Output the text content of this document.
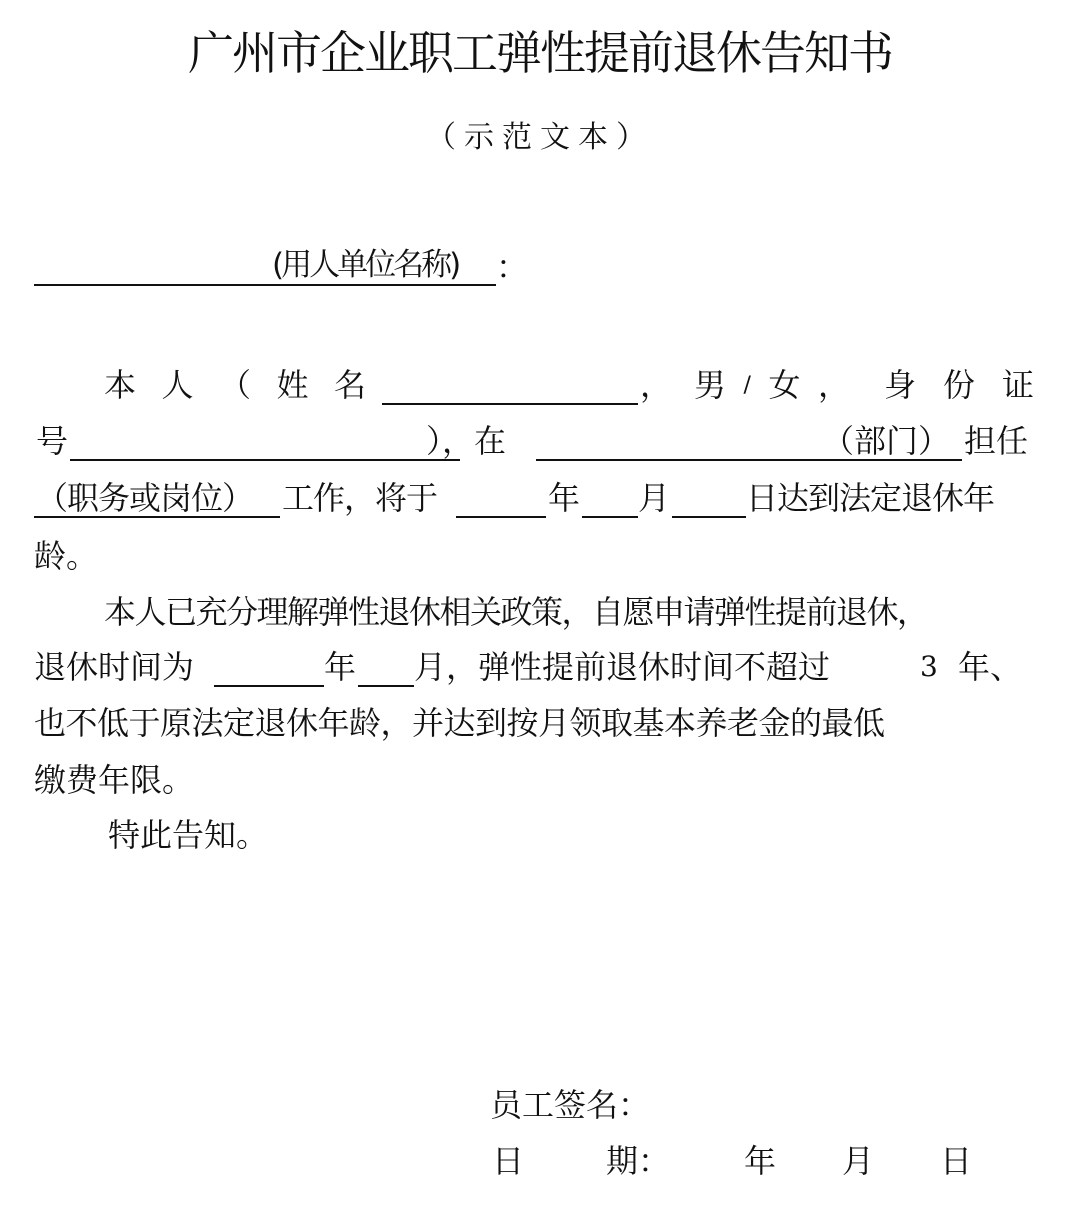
广州市企业职工弹性提前退休告知书
（示范文本）
(用人单位名称) ：
本 人 （ 姓 名	， 男 / 女 ， 身 份 证
号	），在	（部门） 担任
（职务或岗位） 工作，将于	年 月 日达到法定退休年
龄。
本人已充分理解弹性退休相关政策，自愿申请弹性提前退休，
退休时间为	年 月，弹性提前退休时间不超过	3 年、
也不低于原法定退休年龄，并达到按月领取基本养老金的最低
缴费年限。
特此告知。
员工签名：
日	期： 年 月 日
